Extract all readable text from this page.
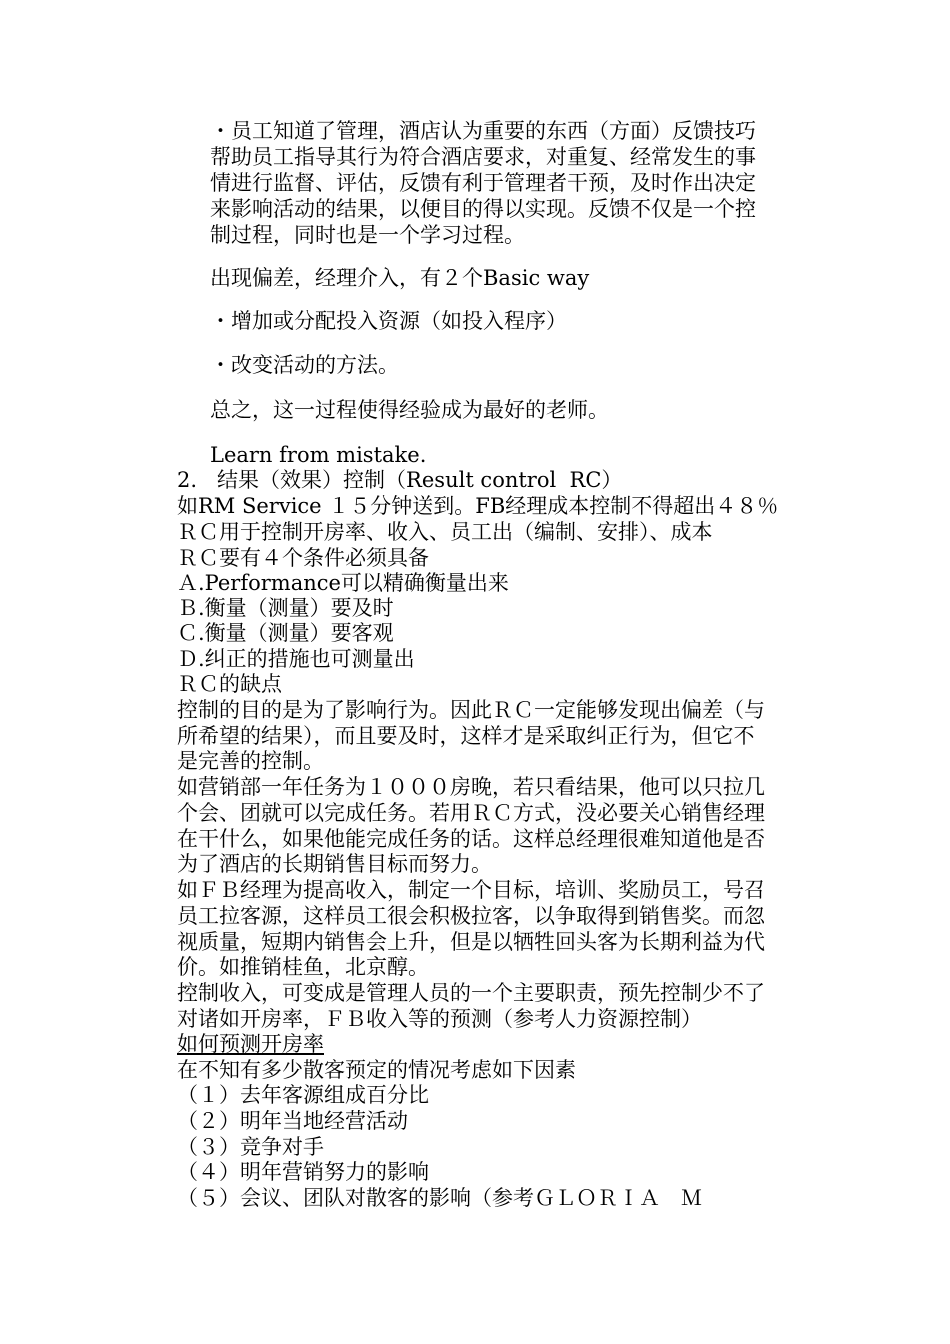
・员工知道了管理，酒店认为重要的东西（方面）反馈技巧

帮助员工指导其行为符合酒店要求，对重复、经常发生的事

情进行监督、评估，反馈有利于管理者干预，及时作出决定

来影响活动的结果，以便目的得以实现。反馈不仅是一个控

制过程，同时也是一个学习过程。

出现偏差，经理介入，有２个Basic way

・增加或分配投入资源（如投入程序）

・改变活动的方法。

总之，这一过程使得经验成为最好的老师。

Learn from mistake.

2.   结果（效果）控制（Result control  RC）

如RM Service １５分钟送到。FB经理成本控制不得超出４８％

ＲＣ用于控制开房率、收入、员工出（编制、安排）、成本

ＲＣ要有４个条件必须具备

Ａ.Performance可以精确衡量出来

Ｂ.衡量（测量）要及时

Ｃ.衡量（测量）要客观

Ｄ.纠正的措施也可测量出

ＲＣ的缺点

控制的目的是为了影响行为。因此ＲＣ一定能够发现出偏差（与

所希望的结果），而且要及时，这样才是采取纠正行为，但它不

是完善的控制。

如营销部一年任务为１０００房晚，若只看结果，他可以只拉几

个会、团就可以完成任务。若用ＲＣ方式，没必要关心销售经理

在干什么，如果他能完成任务的话。这样总经理很难知道他是否

为了酒店的长期销售目标而努力。

如ＦＢ经理为提高收入，制定一个目标，培训、奖励员工，号召

员工拉客源，这样员工很会积极拉客，以争取得到销售奖。而忽

视质量，短期内销售会上升，但是以牺牲回头客为长期利益为代

价。如推销桂鱼，北京醇。

控制收入，可变成是管理人员的一个主要职责，预先控制少不了

对诸如开房率，ＦＢ收入等的预测（参考人力资源控制）

如何预测开房率

在不知有多少散客预定的情况考虑如下因素

（１）去年客源组成百分比

（２）明年当地经营活动

（３）竞争对手

（４）明年营销努力的影响

（５）会议、团队对散客的影响（参考ＧＬＯＲＩＡ　Ｍ
